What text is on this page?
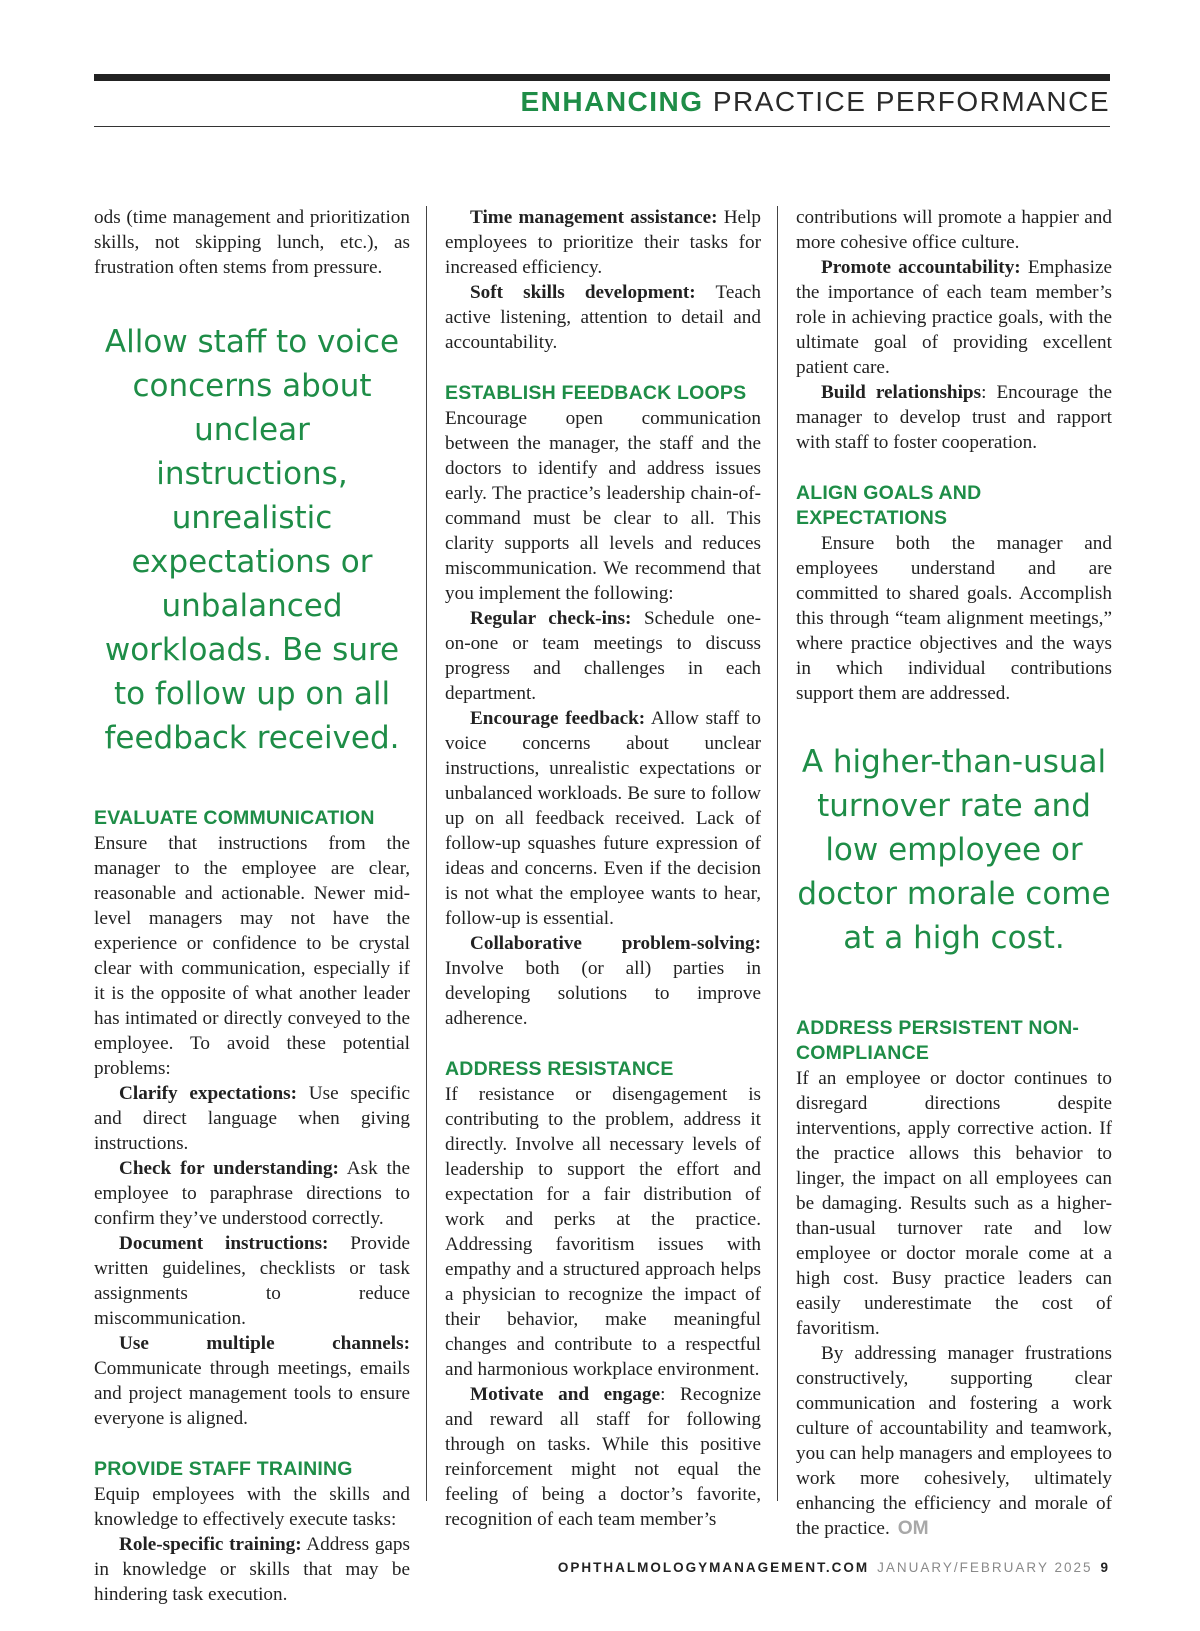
ENHANCING PRACTICE PERFORMANCE

ods (time management and prioritization skills, not skipping lunch, etc.), as frustration often stems from pressure.

Allow staff to voice concerns about unclear instructions, unrealistic expectations or unbalanced workloads. Be sure to follow up on all feedback received.
EVALUATE COMMUNICATION

Ensure that instructions from the manager to the employee are clear, reasonable and actionable. Newer mid-level managers may not have the experience or confidence to be crystal clear with communication, especially if it is the opposite of what another leader has intimated or directly conveyed to the employee. To avoid these potential problems:

Clarify expectations: Use specific and direct language when giving instructions.

Check for understanding: Ask the employee to paraphrase directions to confirm they’ve understood correctly.

Document instructions: Provide written guidelines, checklists or task assignments to reduce miscommunication.

Use multiple channels: Communicate through meetings, emails and project management tools to ensure everyone is aligned.

PROVIDE STAFF TRAINING

Equip employees with the skills and knowledge to effectively execute tasks:

Role-specific training: Address gaps in knowledge or skills that may be hindering task execution.

Time management assistance: Help employees to prioritize their tasks for increased efficiency.

Soft skills development: Teach active listening, attention to detail and accountability.

ESTABLISH FEEDBACK LOOPS

Encourage open communication between the manager, the staff and the doctors to identify and address issues early. The practice’s leadership chain-of-command must be clear to all. This clarity supports all levels and reduces miscommunication. We recommend that you implement the following:

Regular check-ins: Schedule one-on-one or team meetings to discuss progress and challenges in each department.

Encourage feedback: Allow staff to voice concerns about unclear instructions, unrealistic expectations or unbalanced workloads. Be sure to follow up on all feedback received. Lack of follow-up squashes future expression of ideas and concerns. Even if the decision is not what the employee wants to hear, follow-up is essential.

Collaborative problem-solving: Involve both (or all) parties in developing solutions to improve adherence.

ADDRESS RESISTANCE

If resistance or disengagement is contributing to the problem, address it directly. Involve all necessary levels of leadership to support the effort and expectation for a fair distribution of work and perks at the practice. Addressing favoritism issues with empathy and a structured approach helps a physician to recognize the impact of their behavior, make meaningful changes and contribute to a respectful and harmonious workplace environment.

Motivate and engage: Recognize and reward all staff for following through on tasks. While this positive reinforcement might not equal the feeling of being a doctor’s favorite, recognition of each team member’s

contributions will promote a happier and more cohesive office culture.

Promote accountability: Emphasize the importance of each team member’s role in achieving practice goals, with the ultimate goal of providing excellent patient care.

Build relationships: Encourage the manager to develop trust and rapport with staff to foster cooperation.

ALIGN GOALS AND EXPECTATIONS

Ensure both the manager and employees understand and are committed to shared goals. Accomplish this through “team alignment meetings,” where practice objectives and the ways in which individual contributions support them are addressed.

A higher-than-usual turnover rate and low employee or doctor morale come at a high cost.
ADDRESS PERSISTENT NON-COMPLIANCE

If an employee or doctor continues to disregard directions despite interventions, apply corrective action. If the practice allows this behavior to linger, the impact on all employees can be damaging. Results such as a higher-than-usual turnover rate and low employee or doctor morale come at a high cost. Busy practice leaders can easily underestimate the cost of favoritism.

By addressing manager frustrations constructively, supporting clear communication and fostering a work culture of accountability and teamwork, you can help managers and employees to work more cohesively, ultimately enhancing the efficiency and morale of the practice. OM

OPHTHALMOLOGYMANAGEMENT.COM JANUARY/FEBRUARY 2025 9
